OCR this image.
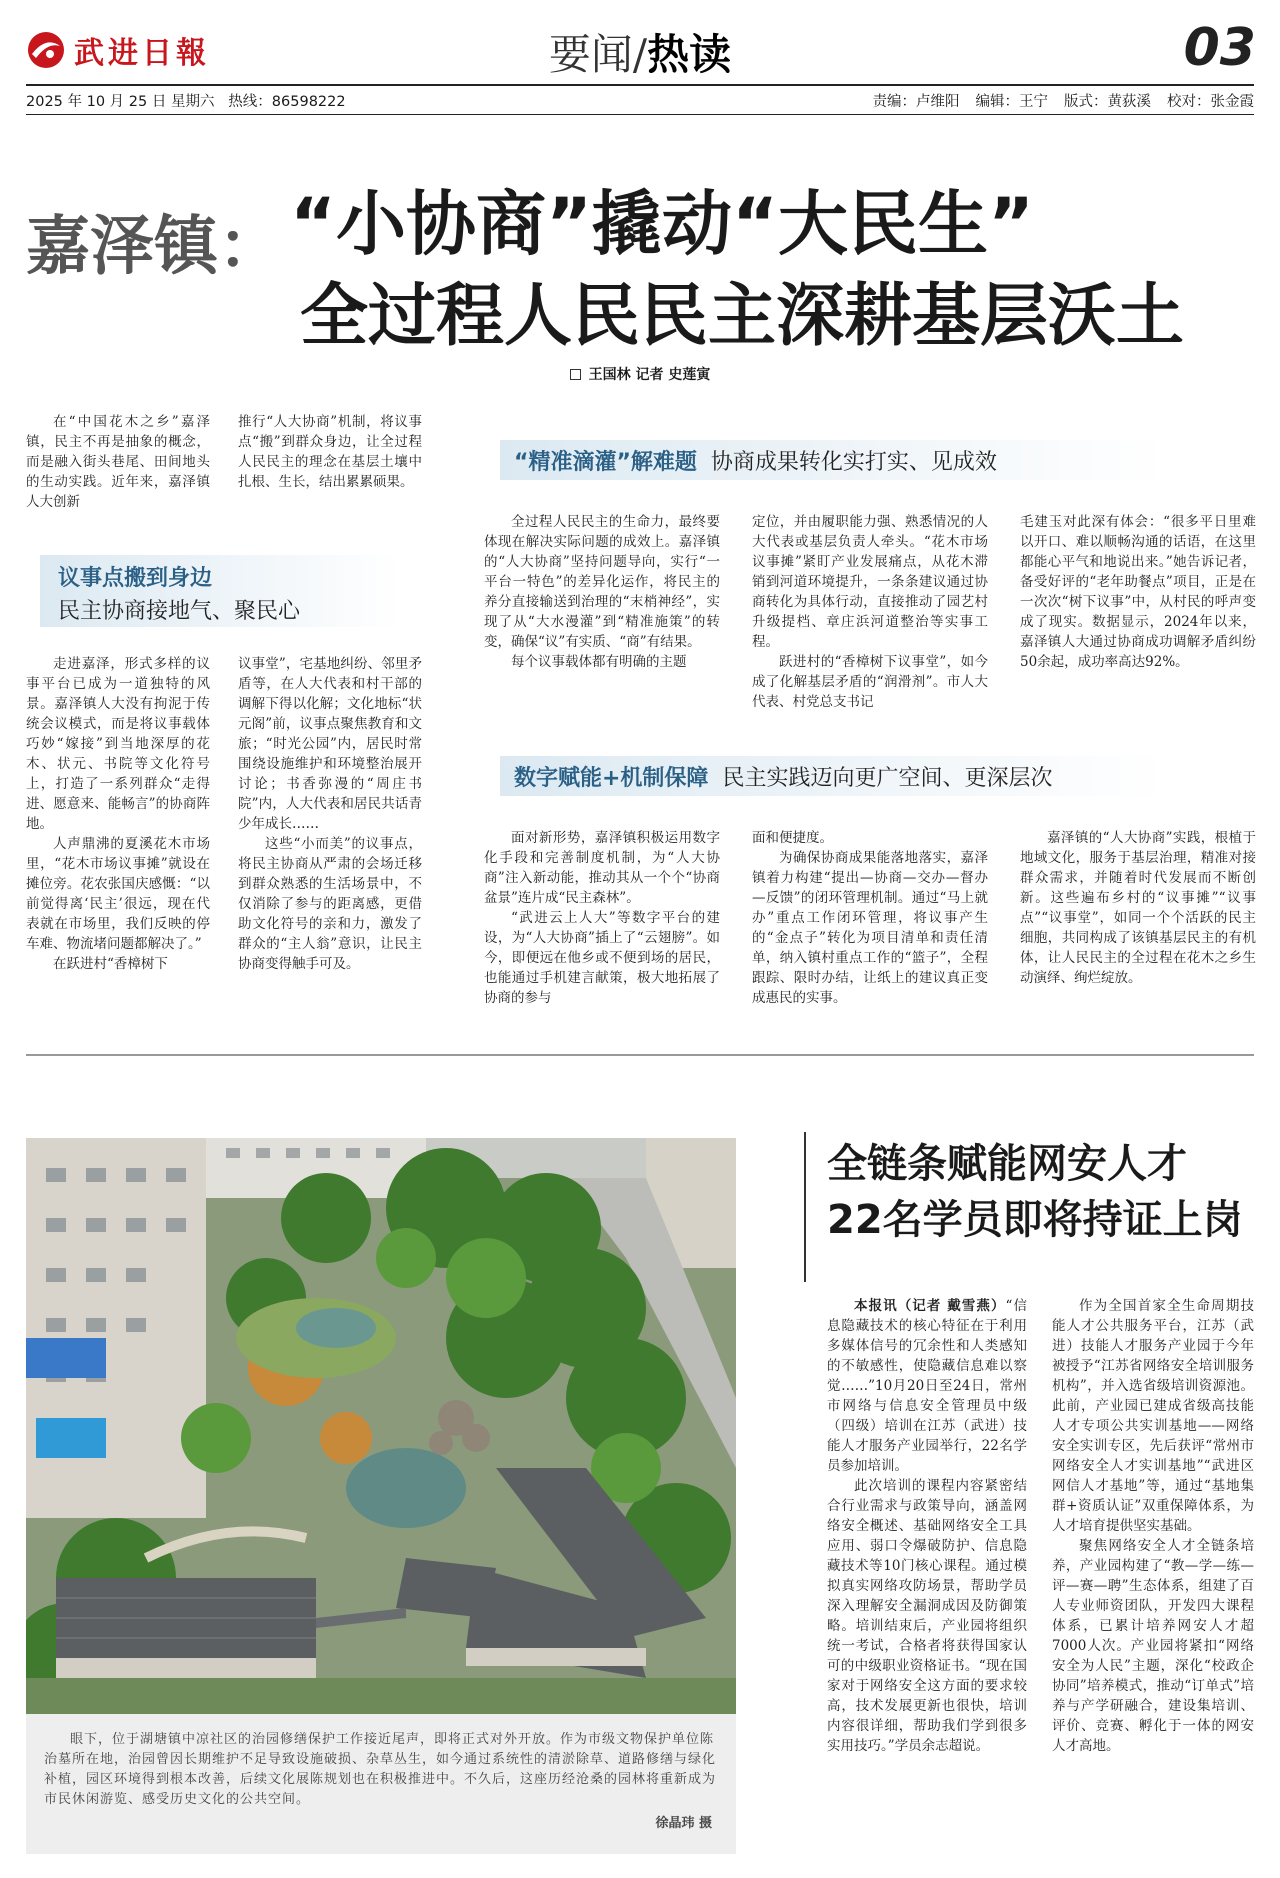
武进日報	要闻/热读	03
2025 年 10 月 25 日 星期六 热线：86598222	责编：卢维阳 编辑：王宁 版式：黄荻溪 校对：张金霞
嘉泽镇： “小协商”撬动“大民生”
全过程人民民主深耕基层沃土
王国林 记者 史莲寅

在“中国花木之乡”嘉泽镇，民主不再是抽象的概念，而是融入街头巷尾、田间地头的生动实践。近年来，嘉泽镇人大创新

推行“人大协商”机制，将议事点“搬”到群众身边，让全过程人民民主的理念在基层土壤中扎根、生长，结出累累硕果。

议事点搬到身边
民主协商接地气、聚民心

走进嘉泽，形式多样的议事平台已成为一道独特的风景。嘉泽镇人大没有拘泥于传统会议模式，而是将议事载体巧妙“嫁接”到当地深厚的花木、状元、书院等文化符号上，打造了一系列群众“走得进、愿意来、能畅言”的协商阵地。

人声鼎沸的夏溪花木市场里，“花木市场议事摊”就设在摊位旁。花农张国庆感慨：“以前觉得离‘民主’很远，现在代表就在市场里，我们反映的停车难、物流堵问题都解决了。”

在跃进村“香樟树下

议事堂”，宅基地纠纷、邻里矛盾等，在人大代表和村干部的调解下得以化解；文化地标“状元阁”前，议事点聚焦教育和文旅；“时光公园”内，居民时常围绕设施维护和环境整治展开讨论；书香弥漫的“周庄书院”内，人大代表和居民共话青少年成长……

这些“小而美”的议事点，将民主协商从严肃的会场迁移到群众熟悉的生活场景中，不仅消除了参与的距离感，更借助文化符号的亲和力，激发了群众的“主人翁”意识，让民主协商变得触手可及。

“精准滴灌”解难题 协商成果转化实打实、见成效

全过程人民民主的生命力，最终要体现在解决实际问题的成效上。嘉泽镇的“人大协商”坚持问题导向，实行“一平台一特色”的差异化运作，将民主的养分直接输送到治理的“末梢神经”，实现了从“大水漫灌”到“精准施策”的转变，确保“议”有实质、“商”有结果。

每个议事载体都有明确的主题

定位，并由履职能力强、熟悉情况的人大代表或基层负责人牵头。“花木市场议事摊”紧盯产业发展痛点，从花木滞销到河道环境提升，一条条建议通过协商转化为具体行动，直接推动了园艺村升级提档、章庄浜河道整治等实事工程。

跃进村的“香樟树下议事堂”，如今成了化解基层矛盾的“润滑剂”。市人大代表、村党总支书记

毛建玉对此深有体会：“很多平日里难以开口、难以顺畅沟通的话语，在这里都能心平气和地说出来。”她告诉记者，备受好评的“老年助餐点”项目，正是在一次次“树下议事”中，从村民的呼声变成了现实。数据显示，2024年以来，嘉泽镇人大通过协商成功调解矛盾纠纷50余起，成功率高达92%。

数字赋能+机制保障 民主实践迈向更广空间、更深层次

面对新形势，嘉泽镇积极运用数字化手段和完善制度机制，为“人大协商”注入新动能，推动其从一个个“协商盆景”连片成“民主森林”。

“武进云上人大”等数字平台的建设，为“人大协商”插上了“云翅膀”。如今，即便远在他乡或不便到场的居民，也能通过手机建言献策，极大地拓展了协商的参与

面和便捷度。

为确保协商成果能落地落实，嘉泽镇着力构建“提出—协商—交办—督办—反馈”的闭环管理机制。通过“马上就办”重点工作闭环管理，将议事产生的“金点子”转化为项目清单和责任清单，纳入镇村重点工作的“篮子”，全程跟踪、限时办结，让纸上的建议真正变成惠民的实事。

嘉泽镇的“人大协商”实践，根植于地域文化，服务于基层治理，精准对接群众需求，并随着时代发展而不断创新。这些遍布乡村的“议事摊”“议事点”“议事堂”，如同一个个活跃的民主细胞，共同构成了该镇基层民主的有机体，让人民民主的全过程在花木之乡生动演绎、绚烂绽放。

眼下，位于湖塘镇中凉社区的治园修缮保护工作接近尾声，即将正式对外开放。作为市级文物保护单位陈治墓所在地，治园曾因长期维护不足导致设施破损、杂草丛生，如今通过系统性的清淤除草、道路修缮与绿化补植，园区环境得到根本改善，后续文化展陈规划也在积极推进中。不久后，这座历经沧桑的园林将重新成为市民休闲游览、感受历史文化的公共空间。

徐晶玮 摄
全链条赋能网安人才
22名学员即将持证上岗

本报讯（记者 戴雪燕）“信息隐藏技术的核心特征在于利用多媒体信号的冗余性和人类感知的不敏感性，使隐藏信息难以察觉……”10月20日至24日，常州市网络与信息安全管理员中级（四级）培训在江苏（武进）技能人才服务产业园举行，22名学员参加培训。

此次培训的课程内容紧密结合行业需求与政策导向，涵盖网络安全概述、基础网络安全工具应用、弱口令爆破防护、信息隐藏技术等10门核心课程。通过模拟真实网络攻防场景，帮助学员深入理解安全漏洞成因及防御策略。培训结束后，产业园将组织统一考试，合格者将获得国家认可的中级职业资格证书。“现在国家对于网络安全这方面的要求较高，技术发展更新也很快，培训内容很详细，帮助我们学到很多实用技巧。”学员余志超说。

作为全国首家全生命周期技能人才公共服务平台，江苏（武进）技能人才服务产业园于今年被授予“江苏省网络安全培训服务机构”，并入选省级培训资源池。此前，产业园已建成省级高技能人才专项公共实训基地——网络安全实训专区，先后获评“常州市网络安全人才实训基地”“武进区网信人才基地”等，通过“基地集群+资质认证”双重保障体系，为人才培育提供坚实基础。

聚焦网络安全人才全链条培养，产业园构建了“教—学—练—评—赛—聘”生态体系，组建了百人专业师资团队，开发四大课程体系，已累计培养网安人才超7000人次。产业园将紧扣“网络安全为人民”主题，深化“校政企协同”培养模式，推动“订单式”培养与产学研融合，建设集培训、评价、竞赛、孵化于一体的网安人才高地。
